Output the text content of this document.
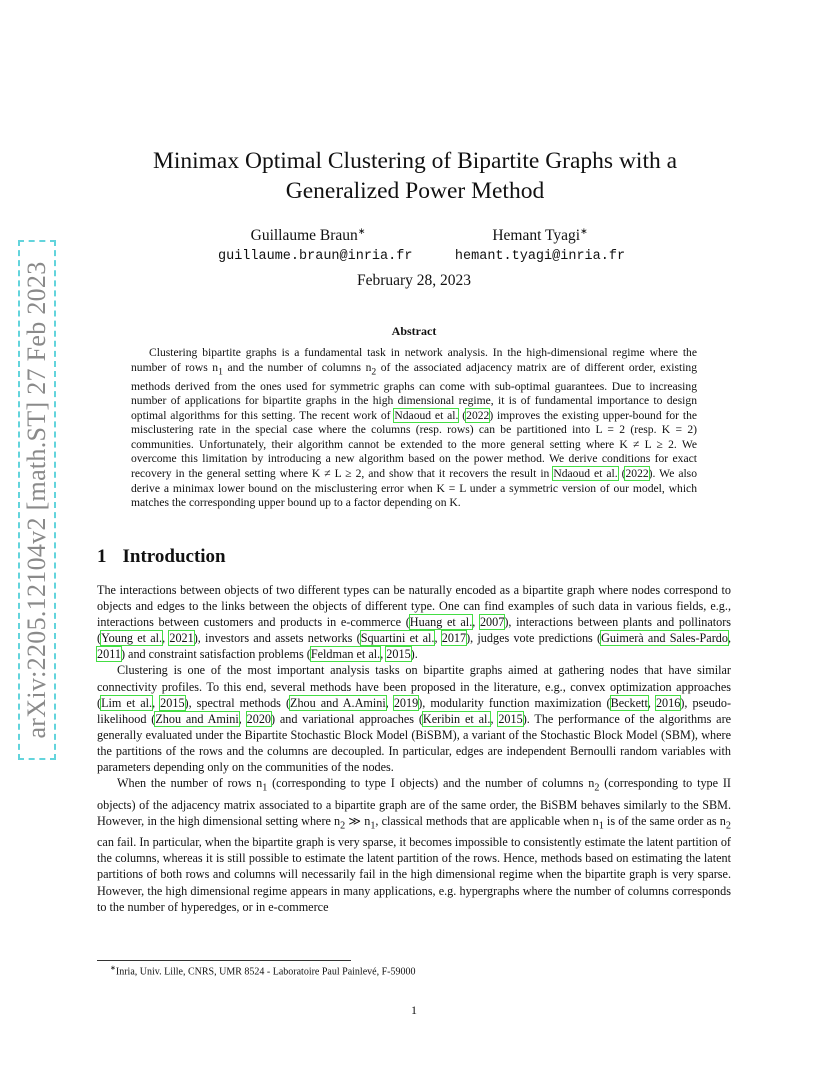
arXiv:2205.12104v2 [math.ST] 27 Feb 2023
Minimax Optimal Clustering of Bipartite Graphs with a
Generalized Power Method
Guillaume Braun∗
guillaume.braun@inria.fr
Hemant Tyagi∗
hemant.tyagi@inria.fr
February 28, 2023
Abstract

Clustering bipartite graphs is a fundamental task in network analysis. In the high-dimensional regime where the number of rows $n_1$ and the number of columns $n_2$ of the associated adjacency matrix are of different order, existing methods derived from the ones used for symmetric graphs can come with sub-optimal guarantees. Due to increasing number of applications for bipartite graphs in the high dimensional regime, it is of fundamental importance to design optimal algorithms for this setting. The recent work of Ndaoud et al. (2022) improves the existing upper-bound for the misclustering rate in the special case where the columns (resp. rows) can be partitioned into L = 2 (resp. K = 2) communities. Unfortunately, their algorithm cannot be extended to the more general setting where K ≠ L ≥ 2. We overcome this limitation by introducing a new algorithm based on the power method. We derive conditions for exact recovery in the general setting where K ≠ L ≥ 2, and show that it recovers the result in Ndaoud et al. (2022). We also derive a minimax lower bound on the misclustering error when K = L under a symmetric version of our model, which matches the corresponding upper bound up to a factor depending on K.

1 Introduction

The interactions between objects of two different types can be naturally encoded as a bipartite graph where nodes correspond to objects and edges to the links between the objects of different type. One can find examples of such data in various fields, e.g., interactions between customers and products in e-commerce (Huang et al., 2007), interactions between plants and pollinators (Young et al., 2021), investors and assets networks (Squartini et al., 2017), judges vote predictions (Guimerà and Sales-Pardo, 2011) and constraint satisfaction problems (Feldman et al., 2015).

Clustering is one of the most important analysis tasks on bipartite graphs aimed at gathering nodes that have similar connectivity profiles. To this end, several methods have been proposed in the literature, e.g., convex optimization approaches (Lim et al., 2015), spectral methods (Zhou and A.Amini, 2019), modularity function maximization (Beckett, 2016), pseudo-likelihood (Zhou and Amini, 2020) and variational approaches (Keribin et al., 2015). The performance of the algorithms are generally evaluated under the Bipartite Stochastic Block Model (BiSBM), a variant of the Stochastic Block Model (SBM), where the partitions of the rows and the columns are decoupled. In particular, edges are independent Bernoulli random variables with parameters depending only on the communities of the nodes.

When the number of rows $n_1$ (corresponding to type I objects) and the number of columns $n_2$ (corresponding to type II objects) of the adjacency matrix associated to a bipartite graph are of the same order, the BiSBM behaves similarly to the SBM. However, in the high dimensional setting where $n_2$ ≫ $n_1$, classical methods that are applicable when $n_1$ is of the same order as $n_2$ can fail. In particular, when the bipartite graph is very sparse, it becomes impossible to consistently estimate the latent partition of the columns, whereas it is still possible to estimate the latent partition of the rows. Hence, methods based on estimating the latent partitions of both rows and columns will necessarily fail in the high dimensional regime when the bipartite graph is very sparse. However, the high dimensional regime appears in many applications, e.g. hypergraphs where the number of columns corresponds to the number of hyperedges, or in e-commerce

∗Inria, Univ. Lille, CNRS, UMR 8524 - Laboratoire Paul Painlevé, F-59000
1
